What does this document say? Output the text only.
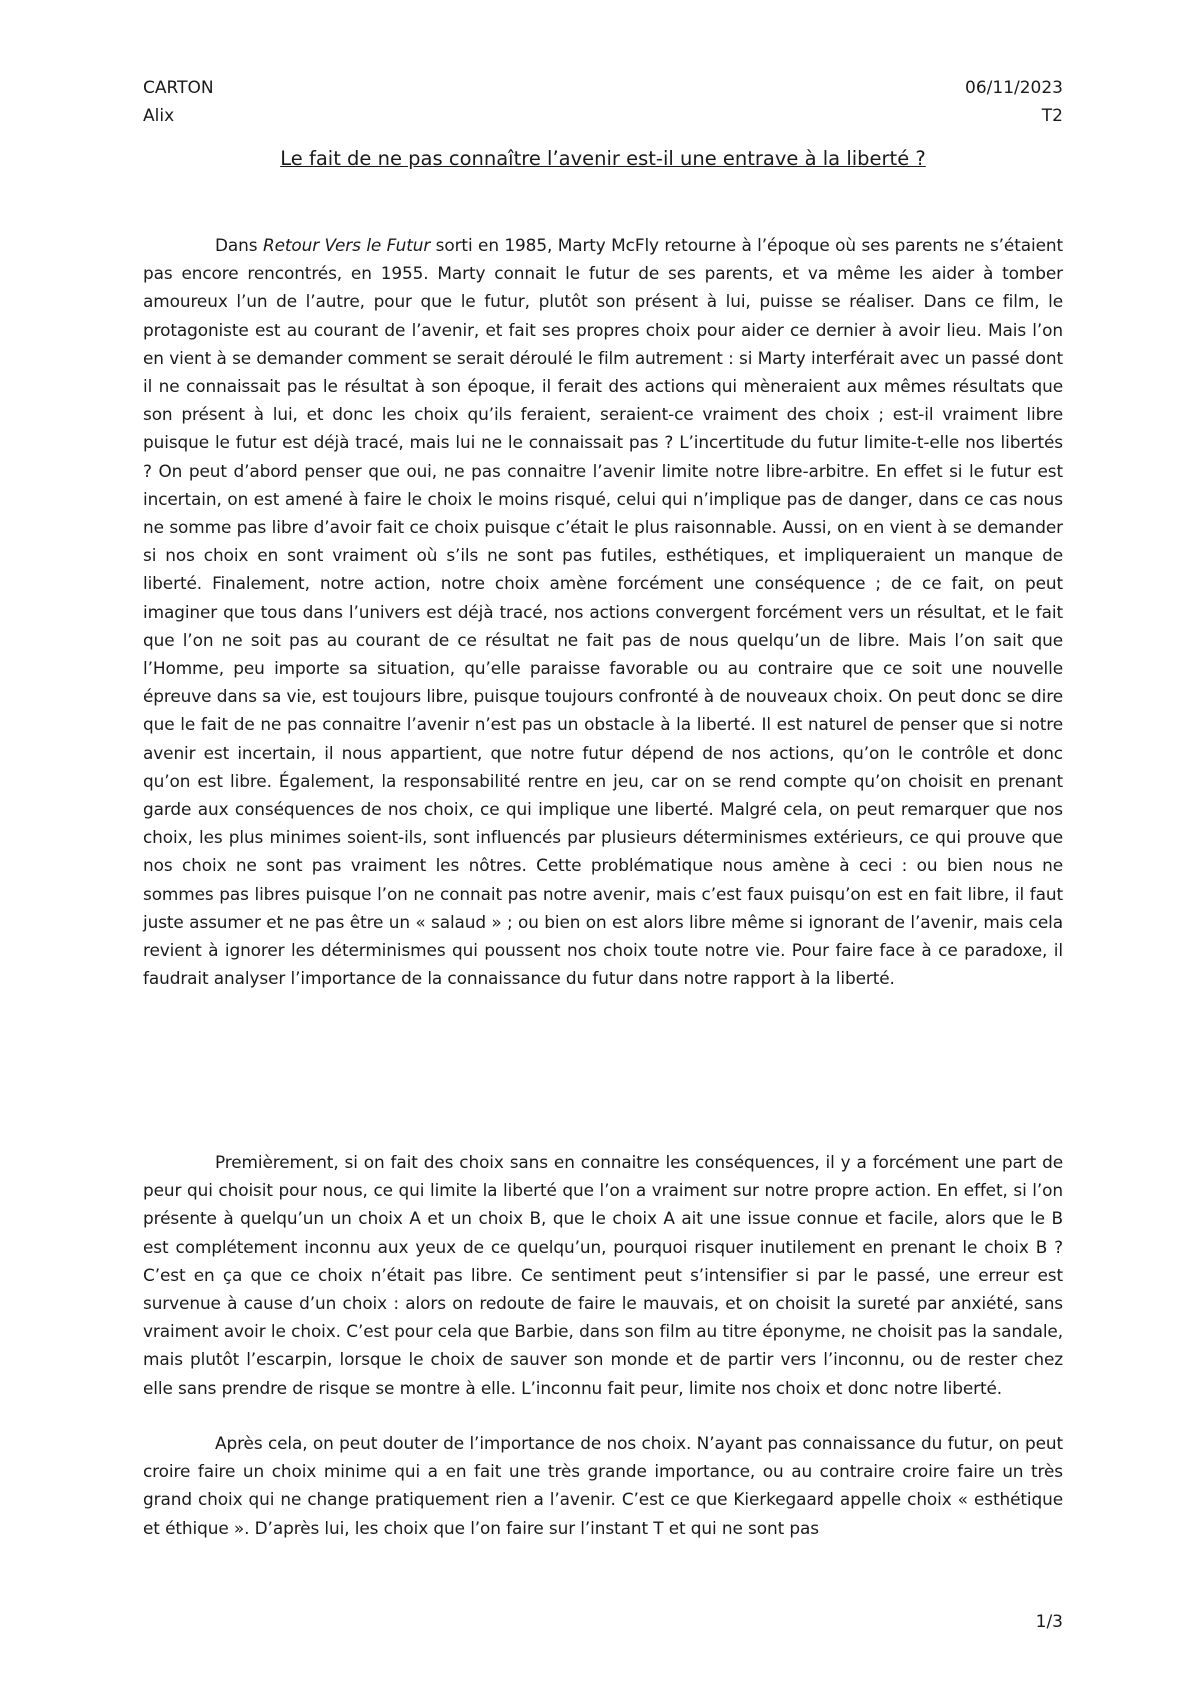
CARTON
Alix
06/11/2023
T2
Le fait de ne pas connaître l’avenir est-il une entrave à la liberté ?

Dans Retour Vers le Futur sorti en 1985, Marty McFly retourne à l’époque où ses parents ne s’étaient pas encore rencontrés, en 1955. Marty connait le futur de ses parents, et va même les aider à tomber amoureux l’un de l’autre, pour que le futur, plutôt son présent à lui, puisse se réaliser. Dans ce film, le protagoniste est au courant de l’avenir, et fait ses propres choix pour aider ce dernier à avoir lieu. Mais l’on en vient à se demander comment se serait déroulé le film autrement : si Marty interférait avec un passé dont il ne connaissait pas le résultat à son époque, il ferait des actions qui mèneraient aux mêmes résultats que son présent à lui, et donc les choix qu’ils feraient, seraient-ce vraiment des choix ; est-il vraiment libre puisque le futur est déjà tracé, mais lui ne le connaissait pas ? L’incertitude du futur limite-t-elle nos libertés ? On peut d’abord penser que oui, ne pas connaitre l’avenir limite notre libre-arbitre. En effet si le futur est incertain, on est amené à faire le choix le moins risqué, celui qui n’implique pas de danger, dans ce cas nous ne somme pas libre d’avoir fait ce choix puisque c’était le plus raisonnable. Aussi, on en vient à se demander si nos choix en sont vraiment où s’ils ne sont pas futiles, esthétiques, et impliqueraient un manque de liberté. Finalement, notre action, notre choix amène forcément une conséquence ; de ce fait, on peut imaginer que tous dans l’univers est déjà tracé, nos actions convergent forcément vers un résultat, et le fait que l’on ne soit pas au courant de ce résultat ne fait pas de nous quelqu’un de libre. Mais l’on sait que l’Homme, peu importe sa situation, qu’elle paraisse favorable ou au contraire que ce soit une nouvelle épreuve dans sa vie, est toujours libre, puisque toujours confronté à de nouveaux choix. On peut donc se dire que le fait de ne pas connaitre l’avenir n’est pas un obstacle à la liberté. Il est naturel de penser que si notre avenir est incertain, il nous appartient, que notre futur dépend de nos actions, qu’on le contrôle et donc qu’on est libre. Également, la responsabilité rentre en jeu, car on se rend compte qu’on choisit en prenant garde aux conséquences de nos choix, ce qui implique une liberté. Malgré cela, on peut remarquer que nos choix, les plus minimes soient-ils, sont influencés par plusieurs déterminismes extérieurs, ce qui prouve que nos choix ne sont pas vraiment les nôtres. Cette problématique nous amène à ceci : ou bien nous ne sommes pas libres puisque l’on ne connait pas notre avenir, mais c’est faux puisqu’on est en fait libre, il faut juste assumer et ne pas être un « salaud » ; ou bien on est alors libre même si ignorant de l’avenir, mais cela revient à ignorer les déterminismes qui poussent nos choix toute notre vie. Pour faire face à ce paradoxe, il faudrait analyser l’importance de la connaissance du futur dans notre rapport à la liberté.

Premièrement, si on fait des choix sans en connaitre les conséquences, il y a forcément une part de peur qui choisit pour nous, ce qui limite la liberté que l’on a vraiment sur notre propre action. En effet, si l’on présente à quelqu’un un choix A et un choix B, que le choix A ait une issue connue et facile, alors que le B est complétement inconnu aux yeux de ce quelqu’un, pourquoi risquer inutilement en prenant le choix B ? C’est en ça que ce choix n’était pas libre. Ce sentiment peut s’intensifier si par le passé, une erreur est survenue à cause d’un choix : alors on redoute de faire le mauvais, et on choisit la sureté par anxiété, sans vraiment avoir le choix. C’est pour cela que Barbie, dans son film au titre éponyme, ne choisit pas la sandale, mais plutôt l’escarpin, lorsque le choix de sauver son monde et de partir vers l’inconnu, ou de rester chez elle sans prendre de risque se montre à elle. L’inconnu fait peur, limite nos choix et donc notre liberté.

Après cela, on peut douter de l’importance de nos choix. N’ayant pas connaissance du futur, on peut croire faire un choix minime qui a en fait une très grande importance, ou au contraire croire faire un très grand choix qui ne change pratiquement rien a l’avenir. C’est ce que Kierkegaard appelle choix « esthétique et éthique ». D’après lui, les choix que l’on faire sur l’instant T et qui ne sont pas

1/3
